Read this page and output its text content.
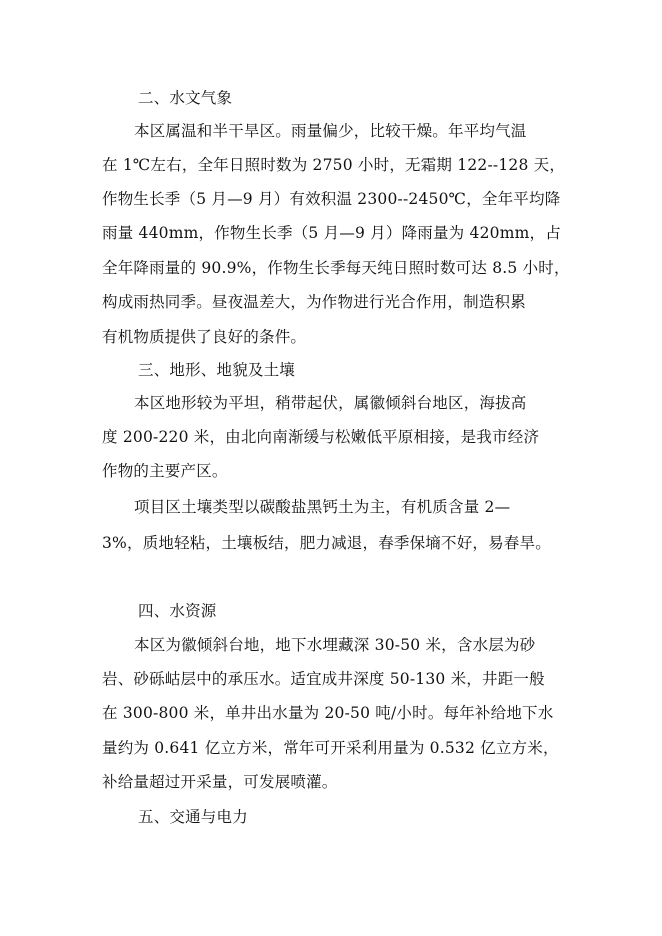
二、水文气象

本区属温和半干旱区。雨量偏少，比较干燥。年平均气温

在 1℃左右，全年日照时数为 2750 小时，无霜期 122--128 天，

作物生长季（5 月—9 月）有效积温 2300--2450℃，全年平均降

雨量 440mm，作物生长季（5 月—9 月）降雨量为 420mm，占

全年降雨量的 90.9%，作物生长季每天纯日照时数可达 8.5 小时，

构成雨热同季。昼夜温差大，为作物进行光合作用，制造积累

有机物质提供了良好的条件。

三、地形、地貌及土壤

本区地形较为平坦，稍带起伏，属徽倾斜台地区，海拔高

度 200-220 米，由北向南渐缓与松嫩低平原相接，是我市经济

作物的主要产区。

项目区土壤类型以碳酸盐黑钙土为主，有机质含量 2—

3%，质地轻粘，土壤板结，肥力减退，春季保墒不好，易春旱。

四、水资源

本区为徽倾斜台地，地下水埋藏深 30-50 米，含水层为砂

岩、砂砾岵层中的承压水。适宜成井深度 50-130 米，井距一般

在 300-800 米，单井出水量为 20-50 吨/小时。每年补给地下水

量约为 0.641 亿立方米，常年可开采利用量为 0.532 亿立方米，

补给量超过开采量，可发展喷灌。

五、交通与电力
